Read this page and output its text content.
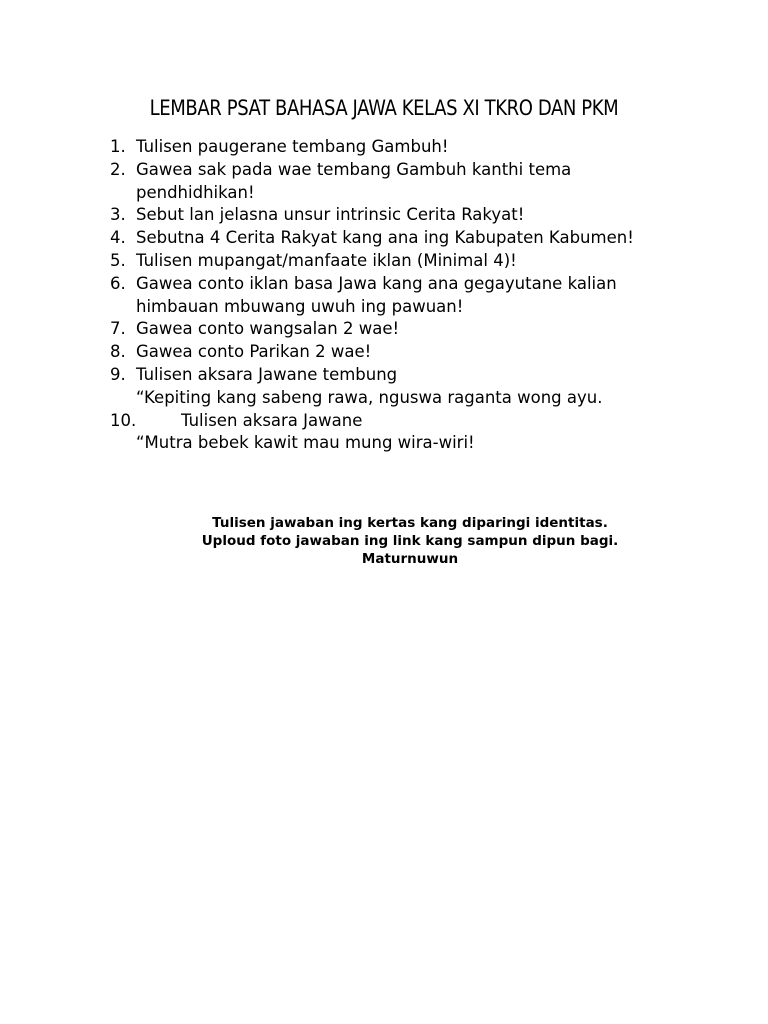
LEMBAR PSAT BAHASA JAWA KELAS XI TKRO DAN PKM
1. Tulisen paugerane tembang Gambuh!
2. Gawea sak pada wae tembang Gambuh kanthi tema
pendhidhikan!
3. Sebut lan jelasna unsur intrinsic Cerita Rakyat!
4. Sebutna 4 Cerita Rakyat kang ana ing Kabupaten Kabumen!
5. Tulisen mupangat/manfaate iklan (Minimal 4)!
6. Gawea conto iklan basa Jawa kang ana gegayutane kalian
himbauan mbuwang uwuh ing pawuan!
7. Gawea conto wangsalan 2 wae!
8. Gawea conto Parikan 2 wae!
9. Tulisen aksara Jawane tembung
“Kepiting kang sabeng rawa, nguswa raganta wong ayu.
10.	Tulisen aksara Jawane
“Mutra bebek kawit mau mung wira-wiri!
Tulisen jawaban ing kertas kang diparingi identitas.
Uploud foto jawaban ing link kang sampun dipun bagi.
Maturnuwun
